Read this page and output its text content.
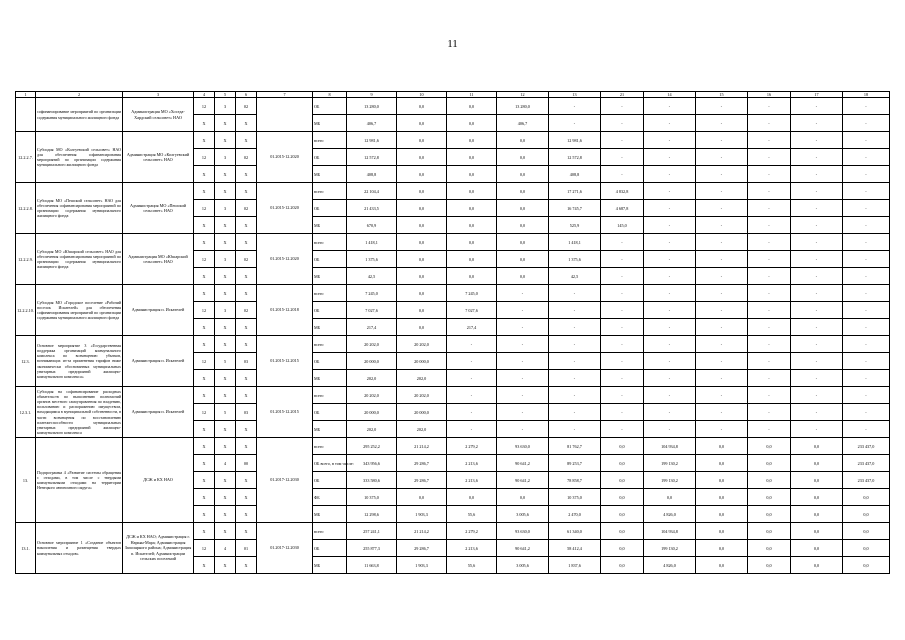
11
1	2	3	4	5	6	7	8	9	10	11	12	13	21	14	15	16	17	18
	софинансирование мероприятий по организации содержания муниципального жилищного фонда	Администрация МО «Хоседа-Хардский сельсовет» НАО	12	3	02		ОБ	13 280,0	0,0	0,0	13 280,0	-	-	-	-	-	-	-
			X	X	X		МБ	406,7	0,0	0,0	406,7	-	-	-	-	-	-	-
12.2.2.7.	Субсидия МО «Колгуевский сельсовет» НАО для обеспечения софинансирования мероприятий по организации содержания муниципального жилищного фонда	Администрация МО «Колгуевский сельсовет» НАО	X	X	X	01.2015-12.2020	всего	12 981,6	0,0	0,0	0,0	12 981,6	-	-	-	-	-	-
			12	3	02		ОБ	12 572,8	0,0	0,0	0,0	12 572,8	-	-	-	-	-	-
			X	X	X		МБ	408,8	0,0	0,0	0,0	408,8	-	-	-	-	-	-
12.2.2.8.	Субсидия МО «Пешский сельсовет» НАО для обеспечения софинансирования мероприятий по организации содержания муниципального жилищного фонда	Администрация МО «Пешский сельсовет» НАО	X	X	X	01.2015-12.2020	всего	22 104,4	0,0	0,0	0,0	17 271,6	4 832,8	-	-	-	-	-
			12	3	02		ОБ	21 433,5	0,0	0,0	0,0	16 745,7	4 687,8	-	-	-	-	-
			X	X	X		МБ	670,9	0,0	0,0	0,0	525,9	145,0	-	-	-	-	-
12.2.2.9.	Субсидия МО «Юшарский сельсовет» НАО для обеспечения софинансирования мероприятий по организации содержания муниципального жилищного фонда	Администрация МО «Юшарский сельсовет» НАО	X	X	X	01.2015-12.2020	всего	1 418,1	0,0	0,0	0,0	1 418,1	-	-	-	-	-	-
			12	3	02		ОБ	1 375,6	0,0	0,0	0,0	1 375,6	-	-	-	-	-	-
			X	X	X		МБ	42,5	0,0	0,0	0,0	42,5	-	-	-	-	-	-
12.2.2.10.	Субсидия МО «Городское поселение «Рабочий поселок Искателей» для обеспечения софинансирования мероприятий по организации содержания муниципального жилищного фонда	Администрация п. Искателей	X	X	X	01.2015-12.2018	всего	7 245,0	0,0	7 245,0	-	-	-	-	-	-	-	-
			12	3	02		ОБ	7 027,6	0,0	7 027,6	-	-	-	-	-	-	-	-
			X	X	X		МБ	217,4	0,0	217,4	-	-	-	-	-	-	-	-
12.3.	Основное мероприятие 3 «Государственная поддержка организаций коммунального комплекса по возмещению убытков, возникающих из-за применения тарифов ниже экономически обоснованных муниципальных унитарных предприятий жилищно-коммунального комплекса»	Администрация п. Искателей	X	X	X	01.2015-12.2015	всего	20 202,0	20 202,0	-	-	-	-	-	-	-	-	-
			12	5	03		ОБ	20 000,0	20 000,0	-	-	-	-	-	-	-	-	-
			X	X	X		МБ	202,0	202,0	-	-	-	-	-	-	-	-	-
12.3.1.	Субсидия на софинансирование расходных обязательств по выполнению полномочий органов местного самоуправления по владению, пользованию и распоряжению имуществом, находящимся в муниципальной собственности, в части возмещения по восстановлению платежеспособности муниципальных унитарных предприятий жилищно-коммунального комплекса	Администрация п. Искателей	X	X	X	01.2015-12.2015	всего	20 202,0	20 202,0	-	-	-	-	-	-	-	-	-
			12	5	03		ОБ	20 000,0	20 000,0	-	-	-	-	-	-	-	-	-
			X	X	X		МБ	202,0	202,0	-	-	-	-	-	-	-	-	-
13.	Подпрограмма 4 «Развитие системы обращения с отходами, в том числе с твердыми коммунальными отходами на территории Ненецкого автономного округа»	ДСЖ и КХ НАО	X	X	X	01.2017-12.2030	всего	295 252,2	21 214,2	2 279,2	93 630,0	81 762,7	0,0	104 934,8	0,0	0,0	0,0	233 437,0
			X	4	00		ОБ всего, в том числе:	343 956,6	29 286,7	2 213,6	90 641,2	89 253,7	0,0	199 130,2	0,0	0,0	0,0	233 437,0
			X	X	X		ОБ	333 580,6	29 286,7	2 213,6	90 641,2	78 858,7	0,0	199 130,2	0,0	0,0	0,0	233 437,0
			X	X	X		ФБ	10 375,0	0,0	0,0	0,0	10 375,0	0,0	0,0	0,0	0,0	0,0	0,0
			X	X	X		МБ	12 298,6	1 903,3	55,6	3 005,6	2 470,0	0,0	4 826,0	0,0	0,0	0,0	0,0
13.1.	Основное мероприятие 1 «Создание объектов накопления и размещения твердых коммунальных отходов»	ДСЖ и КХ НАО; Администрация г. Нарьян-Мара; Администрация Заполярного района; Администрация п. Искателей; Администрации сельских поселений	X	X	X	01.2017-12.2030	всего	257 241,1	21 214,2	2 279,2	93 630,0	61 340,0	0,0	104 934,8	0,0	0,0	0,0	0,0
			12	4	01		ОБ	255 877,3	29 286,7	2 213,6	90 641,2	58 412,4	0,0	199 130,2	0,0	0,0	0,0	0,0
			X	X	X		МБ	11 663,8	1 903,3	55,6	3 005,6	1 837,6	0,0	4 826,0	0,0	0,0	0,0	0,0
